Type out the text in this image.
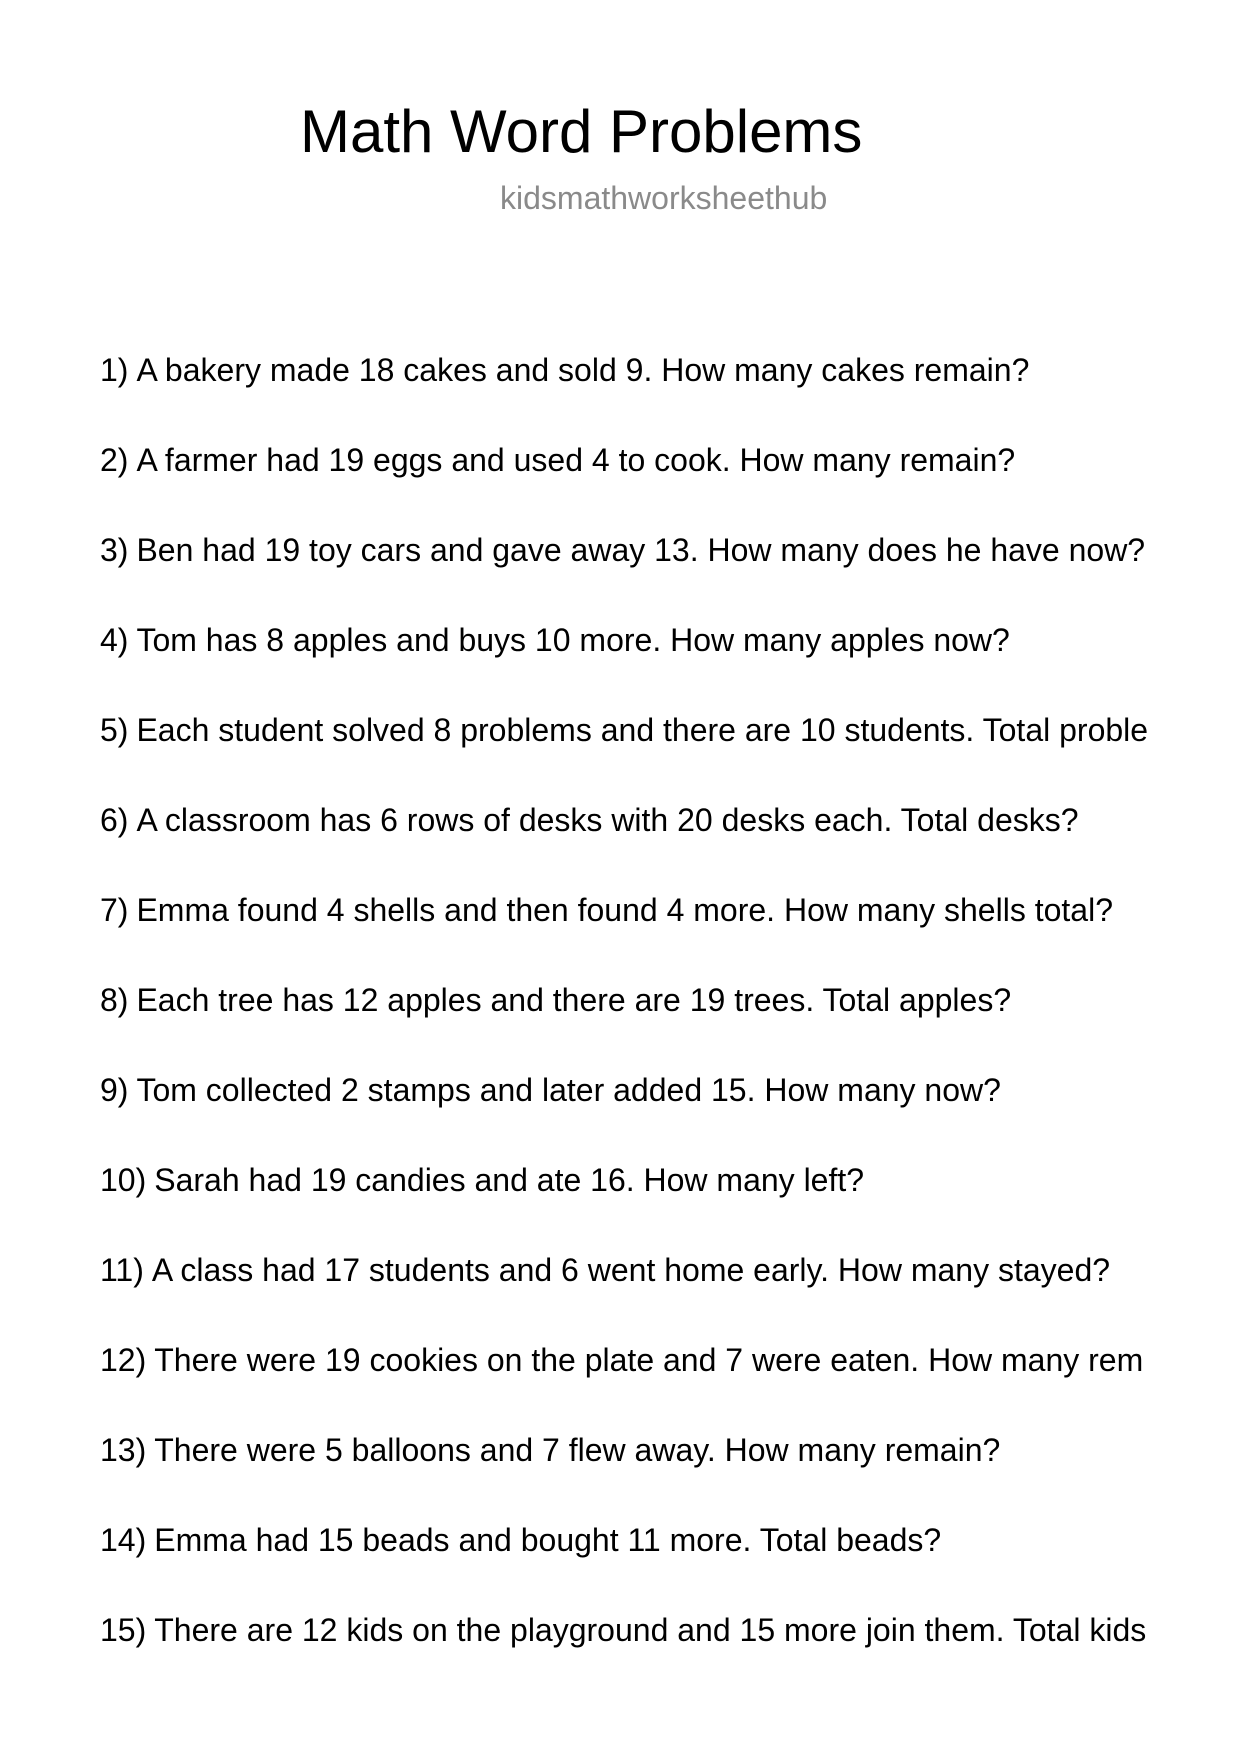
Math Word Problems
kidsmathworksheethub
1) A bakery made 18 cakes and sold 9. How many cakes remain?
2) A farmer had 19 eggs and used 4 to cook. How many remain?
3) Ben had 19 toy cars and gave away 13. How many does he have now?
4) Tom has 8 apples and buys 10 more. How many apples now?
5) Each student solved 8 problems and there are 10 students. Total proble
6) A classroom has 6 rows of desks with 20 desks each. Total desks?
7) Emma found 4 shells and then found 4 more. How many shells total?
8) Each tree has 12 apples and there are 19 trees. Total apples?
9) Tom collected 2 stamps and later added 15. How many now?
10) Sarah had 19 candies and ate 16. How many left?
11) A class had 17 students and 6 went home early. How many stayed?
12) There were 19 cookies on the plate and 7 were eaten. How many rem
13) There were 5 balloons and 7 flew away. How many remain?
14) Emma had 15 beads and bought 11 more. Total beads?
15) There are 12 kids on the playground and 15 more join them. Total kids
